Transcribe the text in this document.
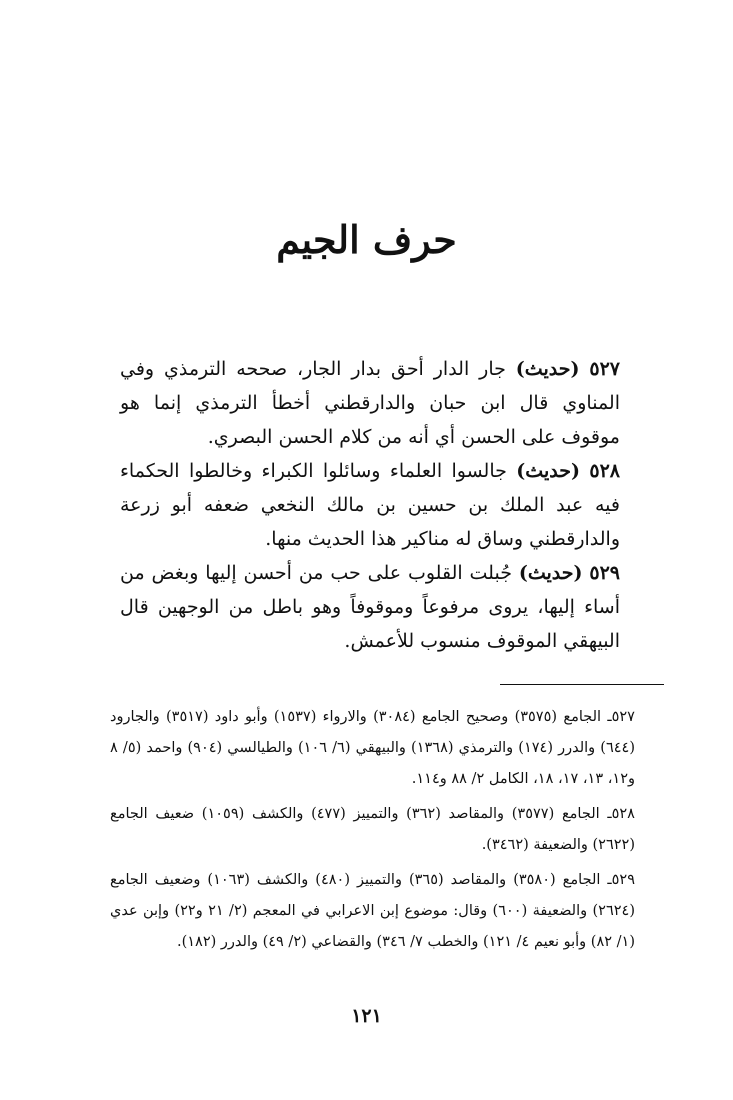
حرف الجيم

٥٢٧ (حديث) جار الدار أحق بدار الجار، صححه الترمذي وفي المناوي قال ابن حبان والدارقطني أخطأ الترمذي إنما هو موقوف على الحسن أي أنه من كلام الحسن البصري.

٥٢٨ (حديث) جالسوا العلماء وسائلوا الكبراء وخالطوا الحكماء فيه عبد الملك بن حسين بن مالك النخعي ضعفه أبو زرعة والدارقطني وساق له مناكير هذا الحديث منها.

٥٢٩ (حديث) جُبلت القلوب على حب من أحسن إليها وبغض من أساء إليها، يروى مرفوعاً وموقوفاً وهو باطل من الوجهين قال البيهقي الموقوف منسوب للأعمش.

٥٢٧ـ الجامع (٣٥٧٥) وصحيح الجامع (٣٠٨٤) والارواء (١٥٣٧) وأبو داود (٣٥١٧) والجارود (٦٤٤) والدرر (١٧٤) والترمذي (١٣٦٨) والبيهقي (٦/ ١٠٦) والطيالسي (٩٠٤) واحمد (٥/ ٨ و١٢، ١٣، ١٧، ١٨، الكامل ٢/ ٨٨ و١١٤.

٥٢٨ـ الجامع (٣٥٧٧) والمقاصد (٣٦٢) والتمييز (٤٧٧) والكشف (١٠٥٩) ضعيف الجامع (٢٦٢٢) والضعيفة (٣٤٦٢).

٥٢٩ـ الجامع (٣٥٨٠) والمقاصد (٣٦٥) والتمييز (٤٨٠) والكشف (١٠٦٣) وضعيف الجامع (٢٦٢٤) والضعيفة (٦٠٠) وقال: موضوع إبن الاعرابي في المعجم (٢/ ٢١ و٢٢) وإبن عدي (١/ ٨٢) وأبو نعيم ٤/ ١٢١) والخطب ٧/ ٣٤٦) والقضاعي (٢/ ٤٩) والدرر (١٨٢).

١٢١
